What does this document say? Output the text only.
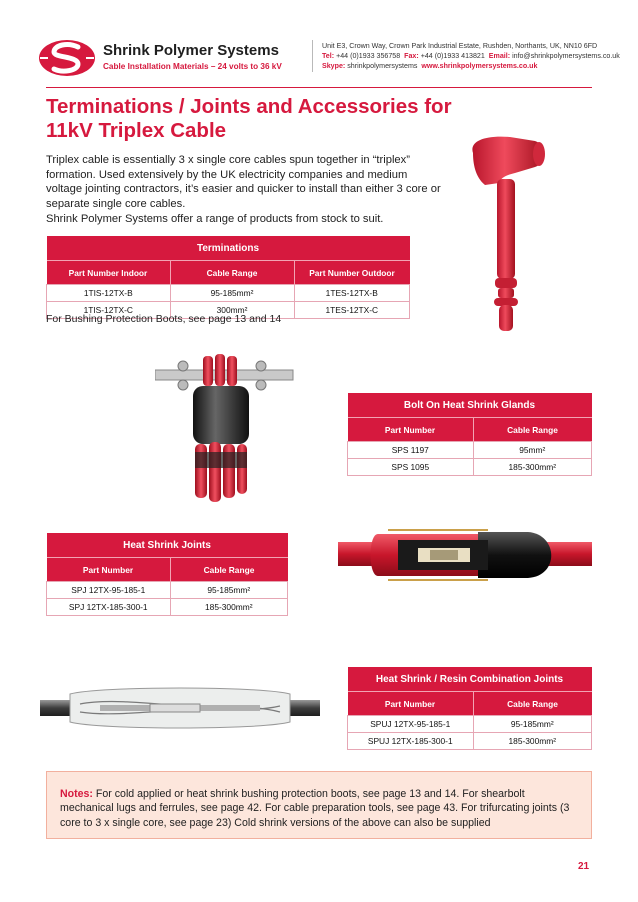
Shrink Polymer Systems
Cable Installation Materials – 24 volts to 36 kV
Unit E3, Crown Way, Crown Park Industrial Estate, Rushden, Northants, UK, NN10 6FD
Tel: +44 (0)1933 356758 Fax: +44 (0)1933 413821 Email: info@shrinkpolymersystems.co.uk
Skype: shrinkpolymersystems www.shrinkpolymersystems.co.uk
Terminations / Joints and Accessories for
11kV Triplex Cable
Triplex cable is essentially 3 x single core cables spun together in “triplex” formation. Used extensively by the UK electricity companies and medium voltage jointing contractors, it’s easier and quicker to install than either 3 core or separate single core cables.
Shrink Polymer Systems offer a range of products from stock to suit.
Terminations		
Part Number Indoor	Cable Range	Part Number Outdoor
1TIS-12TX-B	95-185mm²	1TES-12TX-B
1TIS-12TX-C	300mm²	1TES-12TX-C
For Bushing Protection Boots, see page 13 and 14
Bolt On Heat Shrink Glands	
Part Number	Cable Range
SPS 1197	95mm²
SPS 1095	185-300mm²
Heat Shrink Joints	
Part Number	Cable Range
SPJ 12TX-95-185-1	95-185mm²
SPJ 12TX-185-300-1	185-300mm²
Heat Shrink / Resin Combination Joints	
Part Number	Cable Range
SPUJ 12TX-95-185-1	95-185mm²
SPUJ 12TX-185-300-1	185-300mm²
Notes: For cold applied or heat shrink bushing protection boots, see page 13 and 14. For shearbolt mechanical lugs and ferrules, see page 42. For cable preparation tools, see page 43. For trifurcating joints (3 core to 3 x single core, see page 23) Cold shrink versions of the above can also be supplied
21
